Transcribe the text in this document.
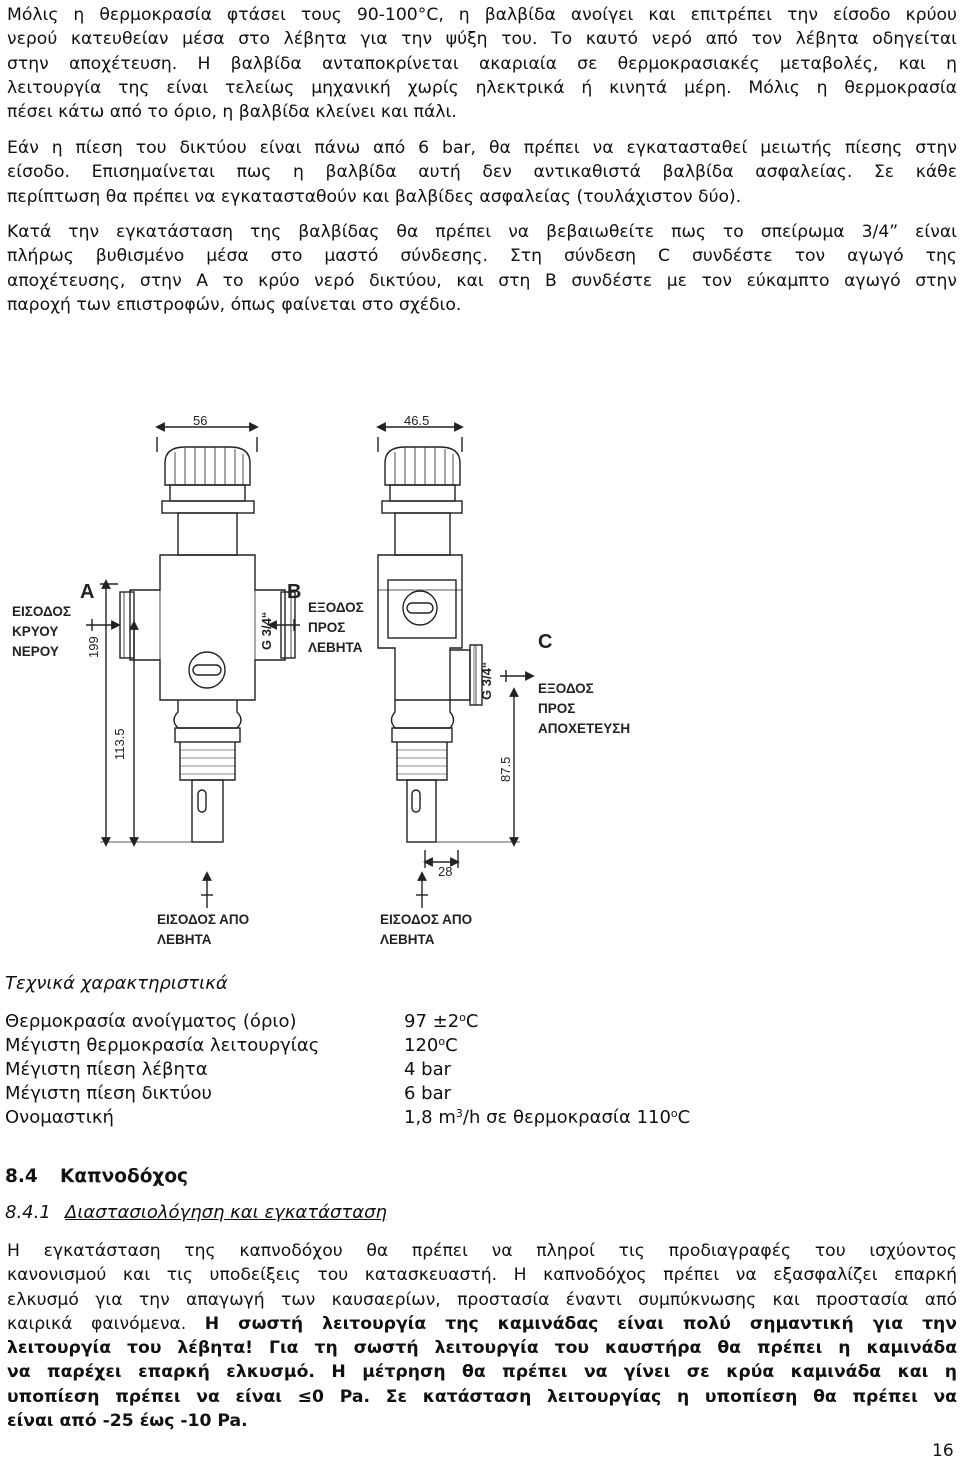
Μόλις η θερμοκρασία φτάσει τους 90-100°C, η βαλβίδα ανοίγει και επιτρέπει την είσοδο κρύου
νερού κατευθείαν μέσα στο λέβητα για την ψύξη του. Το καυτό νερό από τον λέβητα οδηγείται
στην αποχέτευση. Η βαλβίδα ανταποκρίνεται ακαριαία σε θερμοκρασιακές μεταβολές, και η
λειτουργία της είναι τελείως μηχανική χωρίς ηλεκτρικά ή κινητά μέρη. Μόλις η θερμοκρασία
πέσει κάτω από το όριο, η βαλβίδα κλείνει και πάλι.
Εάν η πίεση του δικτύου είναι πάνω από 6 bar, θα πρέπει να εγκατασταθεί μειωτής πίεσης στην
είσοδο. Επισημαίνεται πως η βαλβίδα αυτή δεν αντικαθιστά βαλβίδα ασφαλείας. Σε κάθε
περίπτωση θα πρέπει να εγκατασταθούν και βαλβίδες ασφαλείας (τουλάχιστον δύο).
Κατά την εγκατάσταση της βαλβίδας θα πρέπει να βεβαιωθείτε πως το σπείρωμα 3/4” είναι
πλήρως βυθισμένο μέσα στο μαστό σύνδεσης. Στη σύνδεση C συνδέστε τον αγωγό της
αποχέτευσης, στην Α το κρύο νερό δικτύου, και στη Β συνδέστε με τον εύκαμπτο αγωγό στην
παροχή των επιστροφών, όπως φαίνεται στο σχέδιο.
56	46.5
28
199
113.5
87.5
G 3/4“
G 3/4“
A	B
C
ΕΙΣΟΔΟΣ
ΚΡΥΟΥ
ΝΕΡΟΥ
ΕΞΟΔΟΣ
ΠΡΟΣ
ΛΕΒΗΤΑ
ΕΞΟΔΟΣ
ΠΡΟΣ
ΑΠΟΧΕΤΕΥΣΗ
ΕΙΣΟΔΟΣ ΑΠΟ
ΛΕΒΗΤΑ
ΕΙΣΟΔΟΣ ΑΠΟ
ΛΕΒΗΤΑ

Τεχνικά χαρακτηριστικά

Θερμοκρασία ανοίγματος (όριο)	$97 \pm 2^oC$
Μέγιστη θερμοκρασία λειτουργίας	120$^o$C
Μέγιστη πίεση λέβητα	4 bar
Μέγιστη πίεση δικτύου	6 bar
Ονομαστική	1,8 $m^3/h$ σε θερμοκρασία 110$^o$C

8.4 Καπνοδόχος

8.4.1 Διαστασιολόγηση και εγκατάσταση

Η εγκατάσταση της καπνοδόχου θα πρέπει να πληροί τις προδιαγραφές του ισχύοντος
κανονισμού και τις υποδείξεις του κατασκευαστή. Η καπνοδόχος πρέπει να εξασφαλίζει επαρκή
ελκυσμό για την απαγωγή των καυσαερίων, προστασία έναντι συμπύκνωσης και προστασία από
καιρικά φαινόμενα. Η σωστή λειτουργία της καμινάδας είναι πολύ σημαντική για την
λειτουργία του λέβητα! Για τη σωστή λειτουργία του καυστήρα θα πρέπει η καμινάδα
να παρέχει επαρκή ελκυσμό. Η μέτρηση θα πρέπει να γίνει σε κρύα καμινάδα και η
υποπίεση πρέπει να είναι ≤0 Pa. Σε κατάσταση λειτουργίας η υποπίεση θα πρέπει να
είναι από -25 έως -10 Pa.
16
